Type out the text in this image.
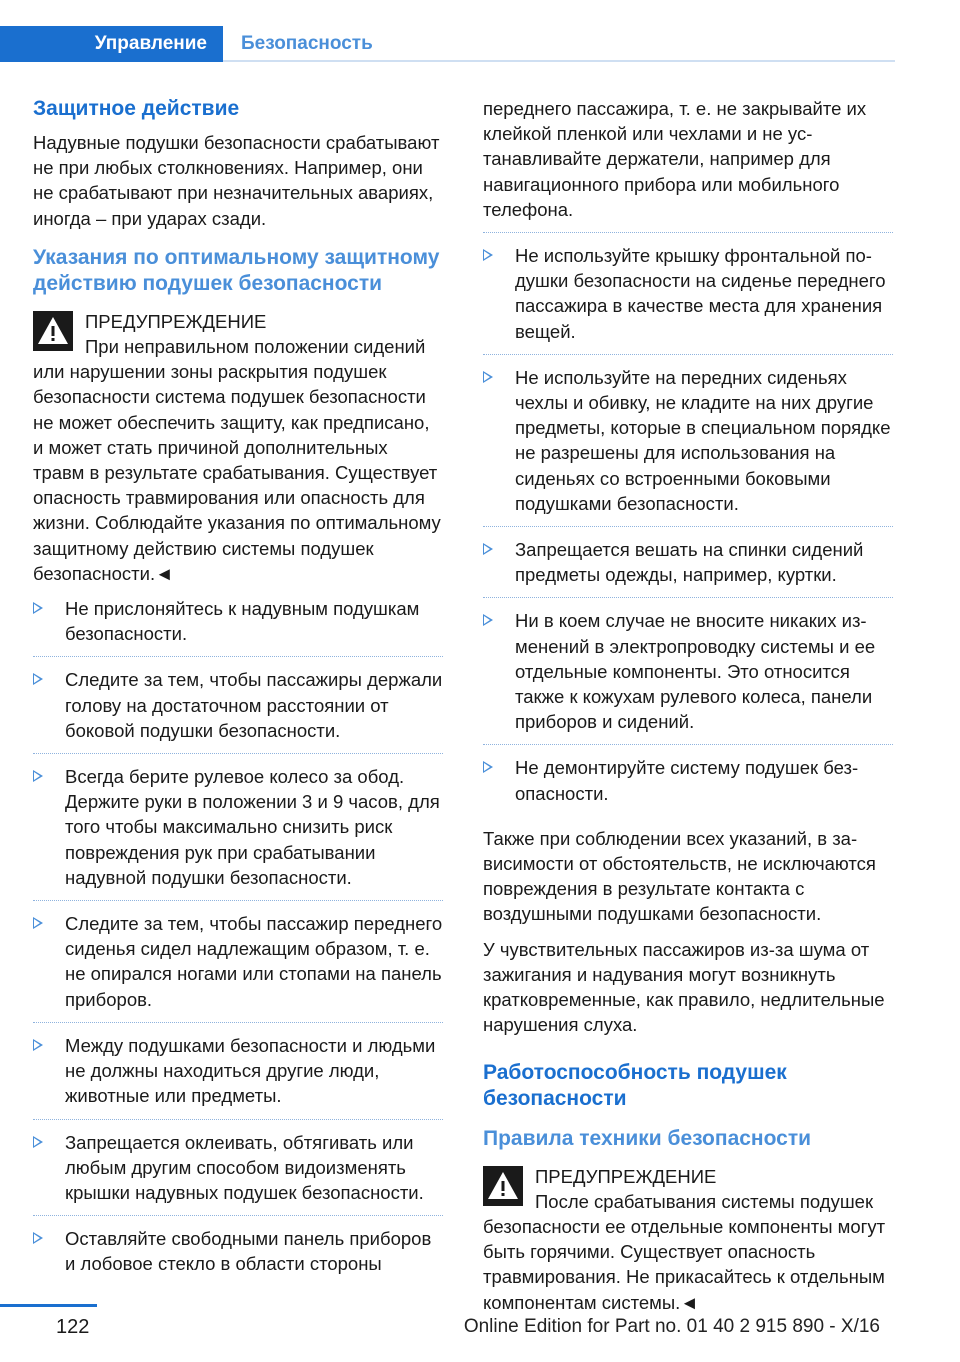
Управление	Безопасность
Защитное действие

Надувные подушки безопасности срабатывают не при любых столкновениях. Например, они не срабатывают при незначительных авариях, иногда – при ударах сзади.

Указания по оптимальному защитному действию подушек безопасности
ПРЕДУПРЕЖДЕНИЕ
При неправильном положении сидений

или нарушении зоны раскрытия подушек безопасности система подушек безопасности не может обеспечить защиту, как предписано, и может стать причиной дополнительных травм в результате срабатывания. Существует опасность травмирования или опасность для жизни. Соблюдайте указания по оптимальному защитному действию системы подушек безопасности.◄

Не прислоняйтесь к надувным подушкам безопасности.
Следите за тем, чтобы пассажиры держали голову на достаточном расстоянии от боковой подушки безопасности.
Всегда берите рулевое колесо за обод. Держите руки в положении 3 и 9 часов, для того чтобы максимально снизить риск повреждения рук при срабатывании надувной подушки безопасности.
Следите за тем, чтобы пассажир переднего сиденья сидел надлежащим образом, т. е. не опирался ногами или стопами на панель приборов.
Между подушками безопасности и людьми не должны находиться другие люди, животные или предметы.
Запрещается оклеивать, обтягивать или любым другим способом видоизменять крышки надувных подушек безопасности.
Оставляйте свободными панель приборов и лобовое стекло в области стороны

переднего пассажира, т. е. не закрывайте их клейкой пленкой или чехлами и не устанавливайте держатели, например для навигационного прибора или мобильного телефона.

Не используйте крышку фронтальной подушки безопасности на сиденье переднего пассажира в качестве места для хранения вещей.
Не используйте на передних сиденьях чехлы и обивку, не кладите на них другие предметы, которые в специальном порядке не разрешены для использования на сиденьях со встроенными боковыми подушками безопасности.
Запрещается вешать на спинки сидений предметы одежды, например, куртки.
Ни в коем случае не вносите никаких изменений в электропроводку системы и ее отдельные компоненты. Это относится также к кожухам рулевого колеса, панели приборов и сидений.
Не демонтируйте систему подушек безопасности.

Также при соблюдении всех указаний, в зависимости от обстоятельств, не исключаются повреждения в результате контакта с воздушными подушками безопасности.

У чувствительных пассажиров из-за шума от зажигания и надувания могут возникнуть кратковременные, как правило, недлительные нарушения слуха.

Работоспособность подушек безопасности
Правила техники безопасности
ПРЕДУПРЕЖДЕНИЕ
После срабатывания системы подушек

безопасности ее отдельные компоненты могут быть горячими. Существует опасность травмирования. Не прикасайтесь к отдельным компонентам системы.◄

122	Online Edition for Part no. 01 40 2 915 890 - X/16
